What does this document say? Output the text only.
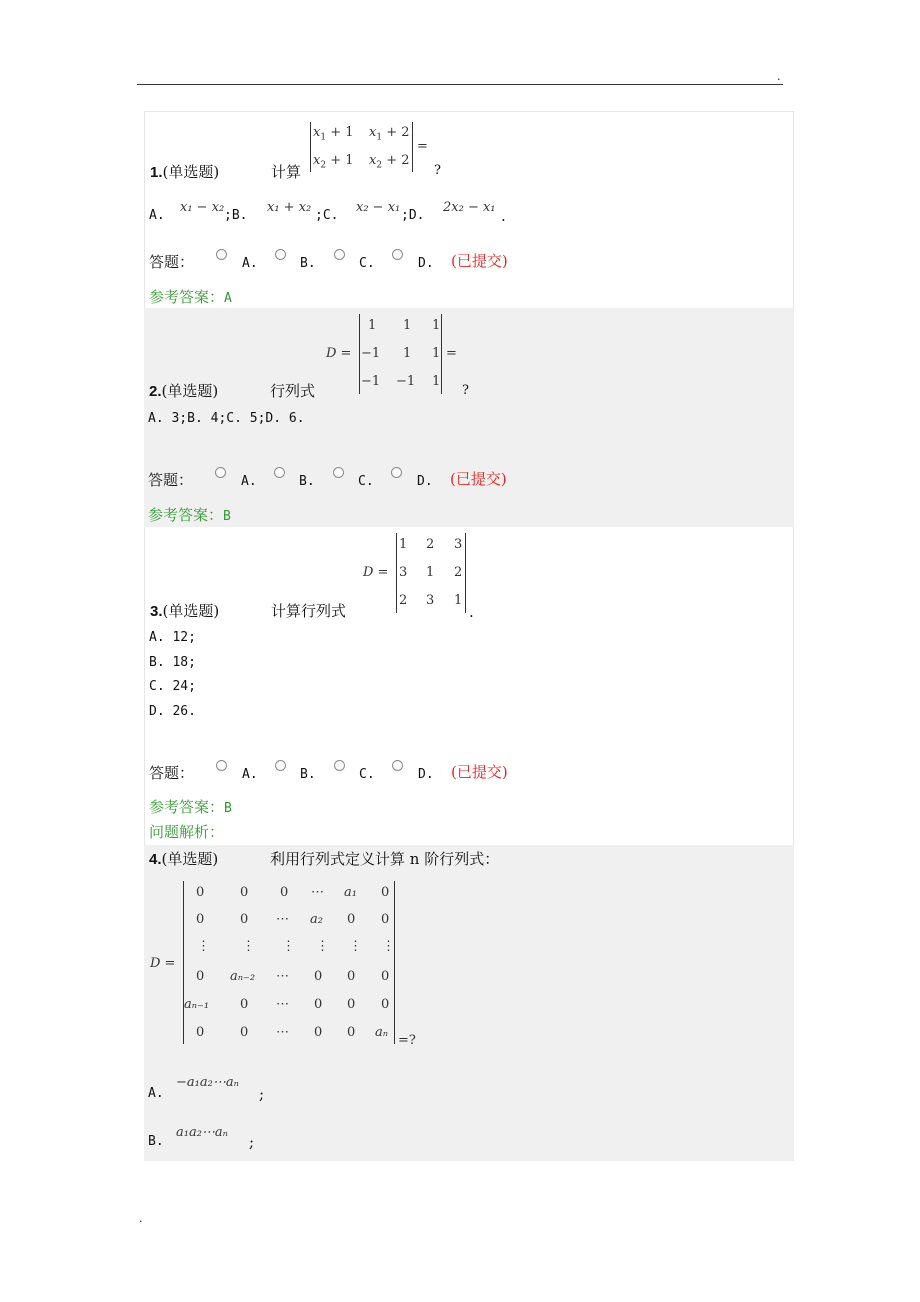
.
$x_1 + 1$ $x_1 + 2$
$x_2 + 1$ $x_2 + 2$
=
1.(单选题)	计算	?
A.
x₁ − x₂
;B.
x₁ + x₂
;C.
x₂ − x₁
;D.
2x₂ − x₁ .
答题：	A.	B.	C.	D. (已提交)
参考答案：A
D =
1 1 1
−1 1 1
−1 −1 1
=
2.(单选题)	行列式	?
A. 3;B. 4;C. 5;D. 6.
答题：	A.	B.	C.	D. (已提交)
参考答案：B
D =
1 2 3
3 1 2
2 3 1
.
3.(单选题)	计算行列式
A. 12;
B. 18;
C. 24;
D. 26.
答题：	A.	B.	C.	D. (已提交)
参考答案：B
问题解析：
4.(单选题)	利用行列式定义计算 n 阶行列式：
D =
0	0 0 ⋯ a₁ 0
0	0 ⋯ a₂ 0 0
⋮ ⋮ ⋮ ⋮ ⋮ ⋮
0 aₙ₋₂ ⋯ 0 0 0
aₙ₋₁ 0 ⋯ 0 0 0
0	0 ⋯ 0 0 aₙ
=?
A.
−a₁a₂⋯aₙ
;
B.
a₁a₂⋯aₙ
;
.
